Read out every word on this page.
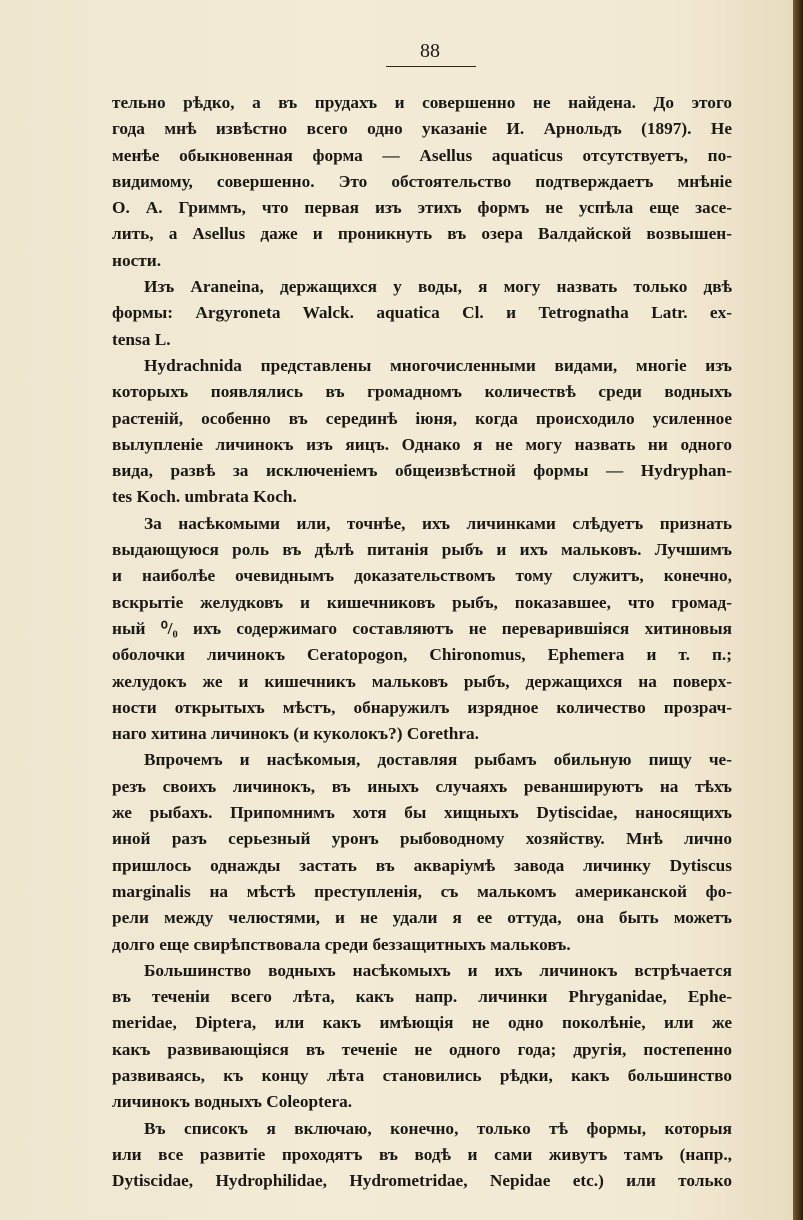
88
тельно рѣдко, а въ прудахъ и совершенно не найдена. До этого
года мнѣ извѣстно всего одно указаніе И. Арнольдъ (1897). Не
менѣе обыкновенная форма — Asellus aquaticus отсутствуетъ, по-
видимому, совершенно. Это обстоятельство подтверждаетъ мнѣніе
О. А. Гриммъ, что первая изъ этихъ формъ не успѣла еще засе-
лить, а Asellus даже и проникнуть въ озера Валдайской возвышен-
ности.
Изъ Araneina, держащихся у воды, я могу назвать только двѣ
формы: Argyroneta Walck. aquatica Cl. и Tetrognatha Latr. ex-
tensa L.
Hydrachnida представлены многочисленными видами, многіе изъ
которыхъ появлялись въ громадномъ количествѣ среди водныхъ
растеній, особенно въ серединѣ іюня, когда происходило усиленное
вылупленіе личинокъ изъ яицъ. Однако я не могу назвать ни одного
вида, развѣ за исключеніемъ общеизвѣстной формы — Hydryphan-
tes Koch. umbrata Koch.
За насѣкомыми или, точнѣе, ихъ личинками слѣдуетъ признать
выдающуюся роль въ дѣлѣ питанія рыбъ и ихъ мальковъ. Лучшимъ
и наиболѣе очевиднымъ доказательствомъ тому служитъ, конечно,
вскрытіе желудковъ и кишечниковъ рыбъ, показавшее, что громад-
ный ⁰/₀ ихъ содержимаго составляютъ не переварившіяся хитиновыя
оболочки личинокъ Ceratopogon, Chironomus, Ephemera и т. п.;
желудокъ же и кишечникъ мальковъ рыбъ, держащихся на поверх-
ности открытыхъ мѣстъ, обнаружилъ изрядное количество прозрач-
наго хитина личинокъ (и куколокъ?) Corethra.
Впрочемъ и насѣкомыя, доставляя рыбамъ обильную пищу че-
резъ своихъ личинокъ, въ иныхъ случаяхъ реваншируютъ на тѣхъ
же рыбахъ. Припомнимъ хотя бы хищныхъ Dytiscidae, наносящихъ
иной разъ серьезный уронъ рыбоводному хозяйству. Мнѣ лично
пришлось однажды застать въ акваріумѣ завода личинку Dytiscus
marginalis на мѣстѣ преступленія, съ малькомъ американской фо-
рели между челюстями, и не удали я ее оттуда, она быть можетъ
долго еще свирѣпствовала среди беззащитныхъ мальковъ.
Большинство водныхъ насѣкомыхъ и ихъ личинокъ встрѣчается
въ теченіи всего лѣта, какъ напр. личинки Phryganidae, Ephe-
meridae, Diptera, или какъ имѣющія не одно поколѣніе, или же
какъ развивающіяся въ теченіе не одного года; другія, постепенно
развиваясь, къ концу лѣта становились рѣдки, какъ большинство
личинокъ водныхъ Coleoptera.
Въ списокъ я включаю, конечно, только тѣ формы, которыя
или все развитіе проходятъ въ водѣ и сами живутъ тамъ (напр.,
Dytiscidae, Hydrophilidae, Hydrometridae, Nepidae etc.) или только
